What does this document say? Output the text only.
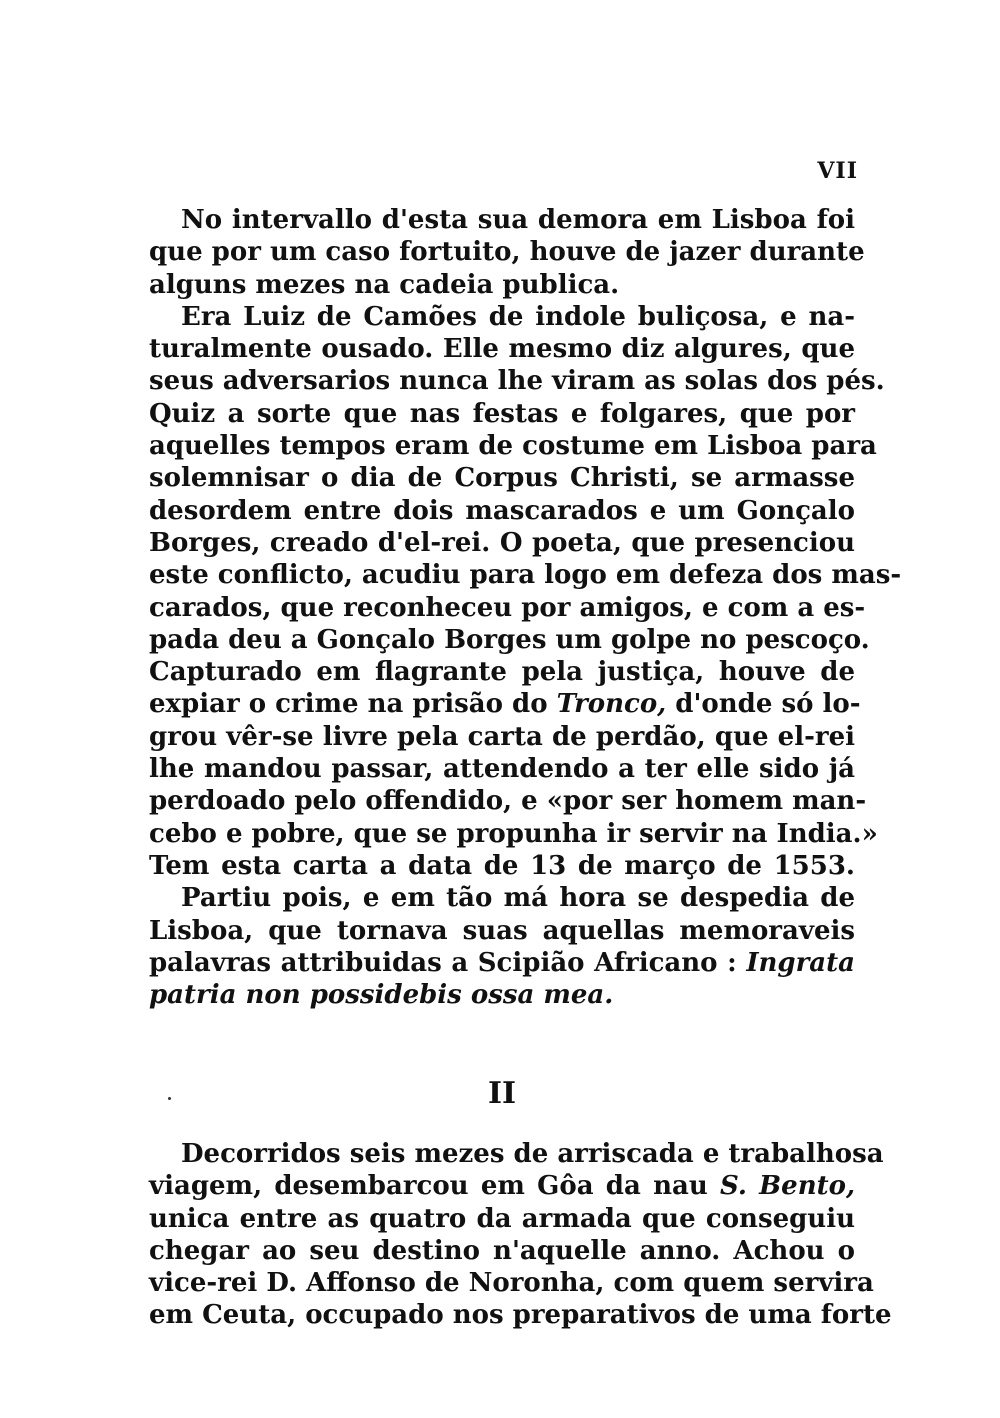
VII
No intervallo d'esta sua demora em Lisboa foi
que por um caso fortuito, houve de jazer durante
alguns mezes na cadeia publica.
Era Luiz de Camões de indole buliçosa, e na-
turalmente ousado. Elle mesmo diz algures, que
seus adversarios nunca lhe viram as solas dos pés.
Quiz a sorte que nas festas e folgares, que por
aquelles tempos eram de costume em Lisboa para
solemnisar o dia de Corpus Christi, se armasse
desordem entre dois mascarados e um Gonçalo
Borges, creado d'el-rei. O poeta, que presenciou
este conflicto, acudiu para logo em defeza dos mas-
carados, que reconheceu por amigos, e com a es-
pada deu a Gonçalo Borges um golpe no pescoço.
Capturado em flagrante pela justiça, houve de
expiar o crime na prisão do Tronco, d'onde só lo-
grou vêr-se livre pela carta de perdão, que el-rei
lhe mandou passar, attendendo a ter elle sido já
perdoado pelo offendido, e «por ser homem man-
cebo e pobre, que se propunha ir servir na India.»
Tem esta carta a data de 13 de março de 1553.
Partiu pois, e em tão má hora se despedia de
Lisboa, que tornava suas aquellas memoraveis
palavras attribuidas a Scipião Africano : Ingrata
patria non possidebis ossa mea.
II
Decorridos seis mezes de arriscada e trabalhosa
viagem, desembarcou em Gôa da nau S. Bento,
unica entre as quatro da armada que conseguiu
chegar ao seu destino n'aquelle anno. Achou o
vice-rei D. Affonso de Noronha, com quem servira
em Ceuta, occupado nos preparativos de uma forte
